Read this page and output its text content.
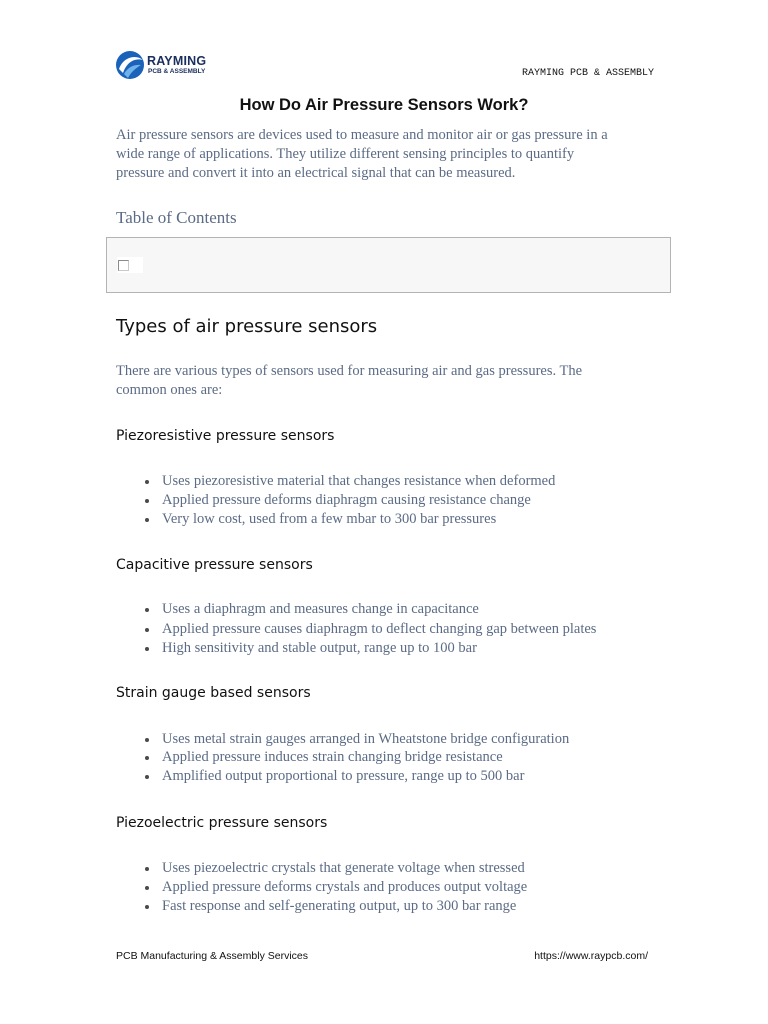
RAYMING
PCB & ASSEMBLY	RAYMING PCB & ASSEMBLY
How Do Air Pressure Sensors Work?
Air pressure sensors are devices used to measure and monitor air or gas pressure in a
wide range of applications. They utilize different sensing principles to quantify
pressure and convert it into an electrical signal that can be measured.
Table of Contents
Types of air pressure sensors
There are various types of sensors used for measuring air and gas pressures. The
common ones are:
Piezoresistive pressure sensors
Uses piezoresistive material that changes resistance when deformed
Applied pressure deforms diaphragm causing resistance change
Very low cost, used from a few mbar to 300 bar pressures
Capacitive pressure sensors
Uses a diaphragm and measures change in capacitance
Applied pressure causes diaphragm to deflect changing gap between plates
High sensitivity and stable output, range up to 100 bar
Strain gauge based sensors
Uses metal strain gauges arranged in Wheatstone bridge configuration
Applied pressure induces strain changing bridge resistance
Amplified output proportional to pressure, range up to 500 bar
Piezoelectric pressure sensors
Uses piezoelectric crystals that generate voltage when stressed
Applied pressure deforms crystals and produces output voltage
Fast response and self-generating output, up to 300 bar range
PCB Manufacturing & Assembly Services	https://www.raypcb.com/
